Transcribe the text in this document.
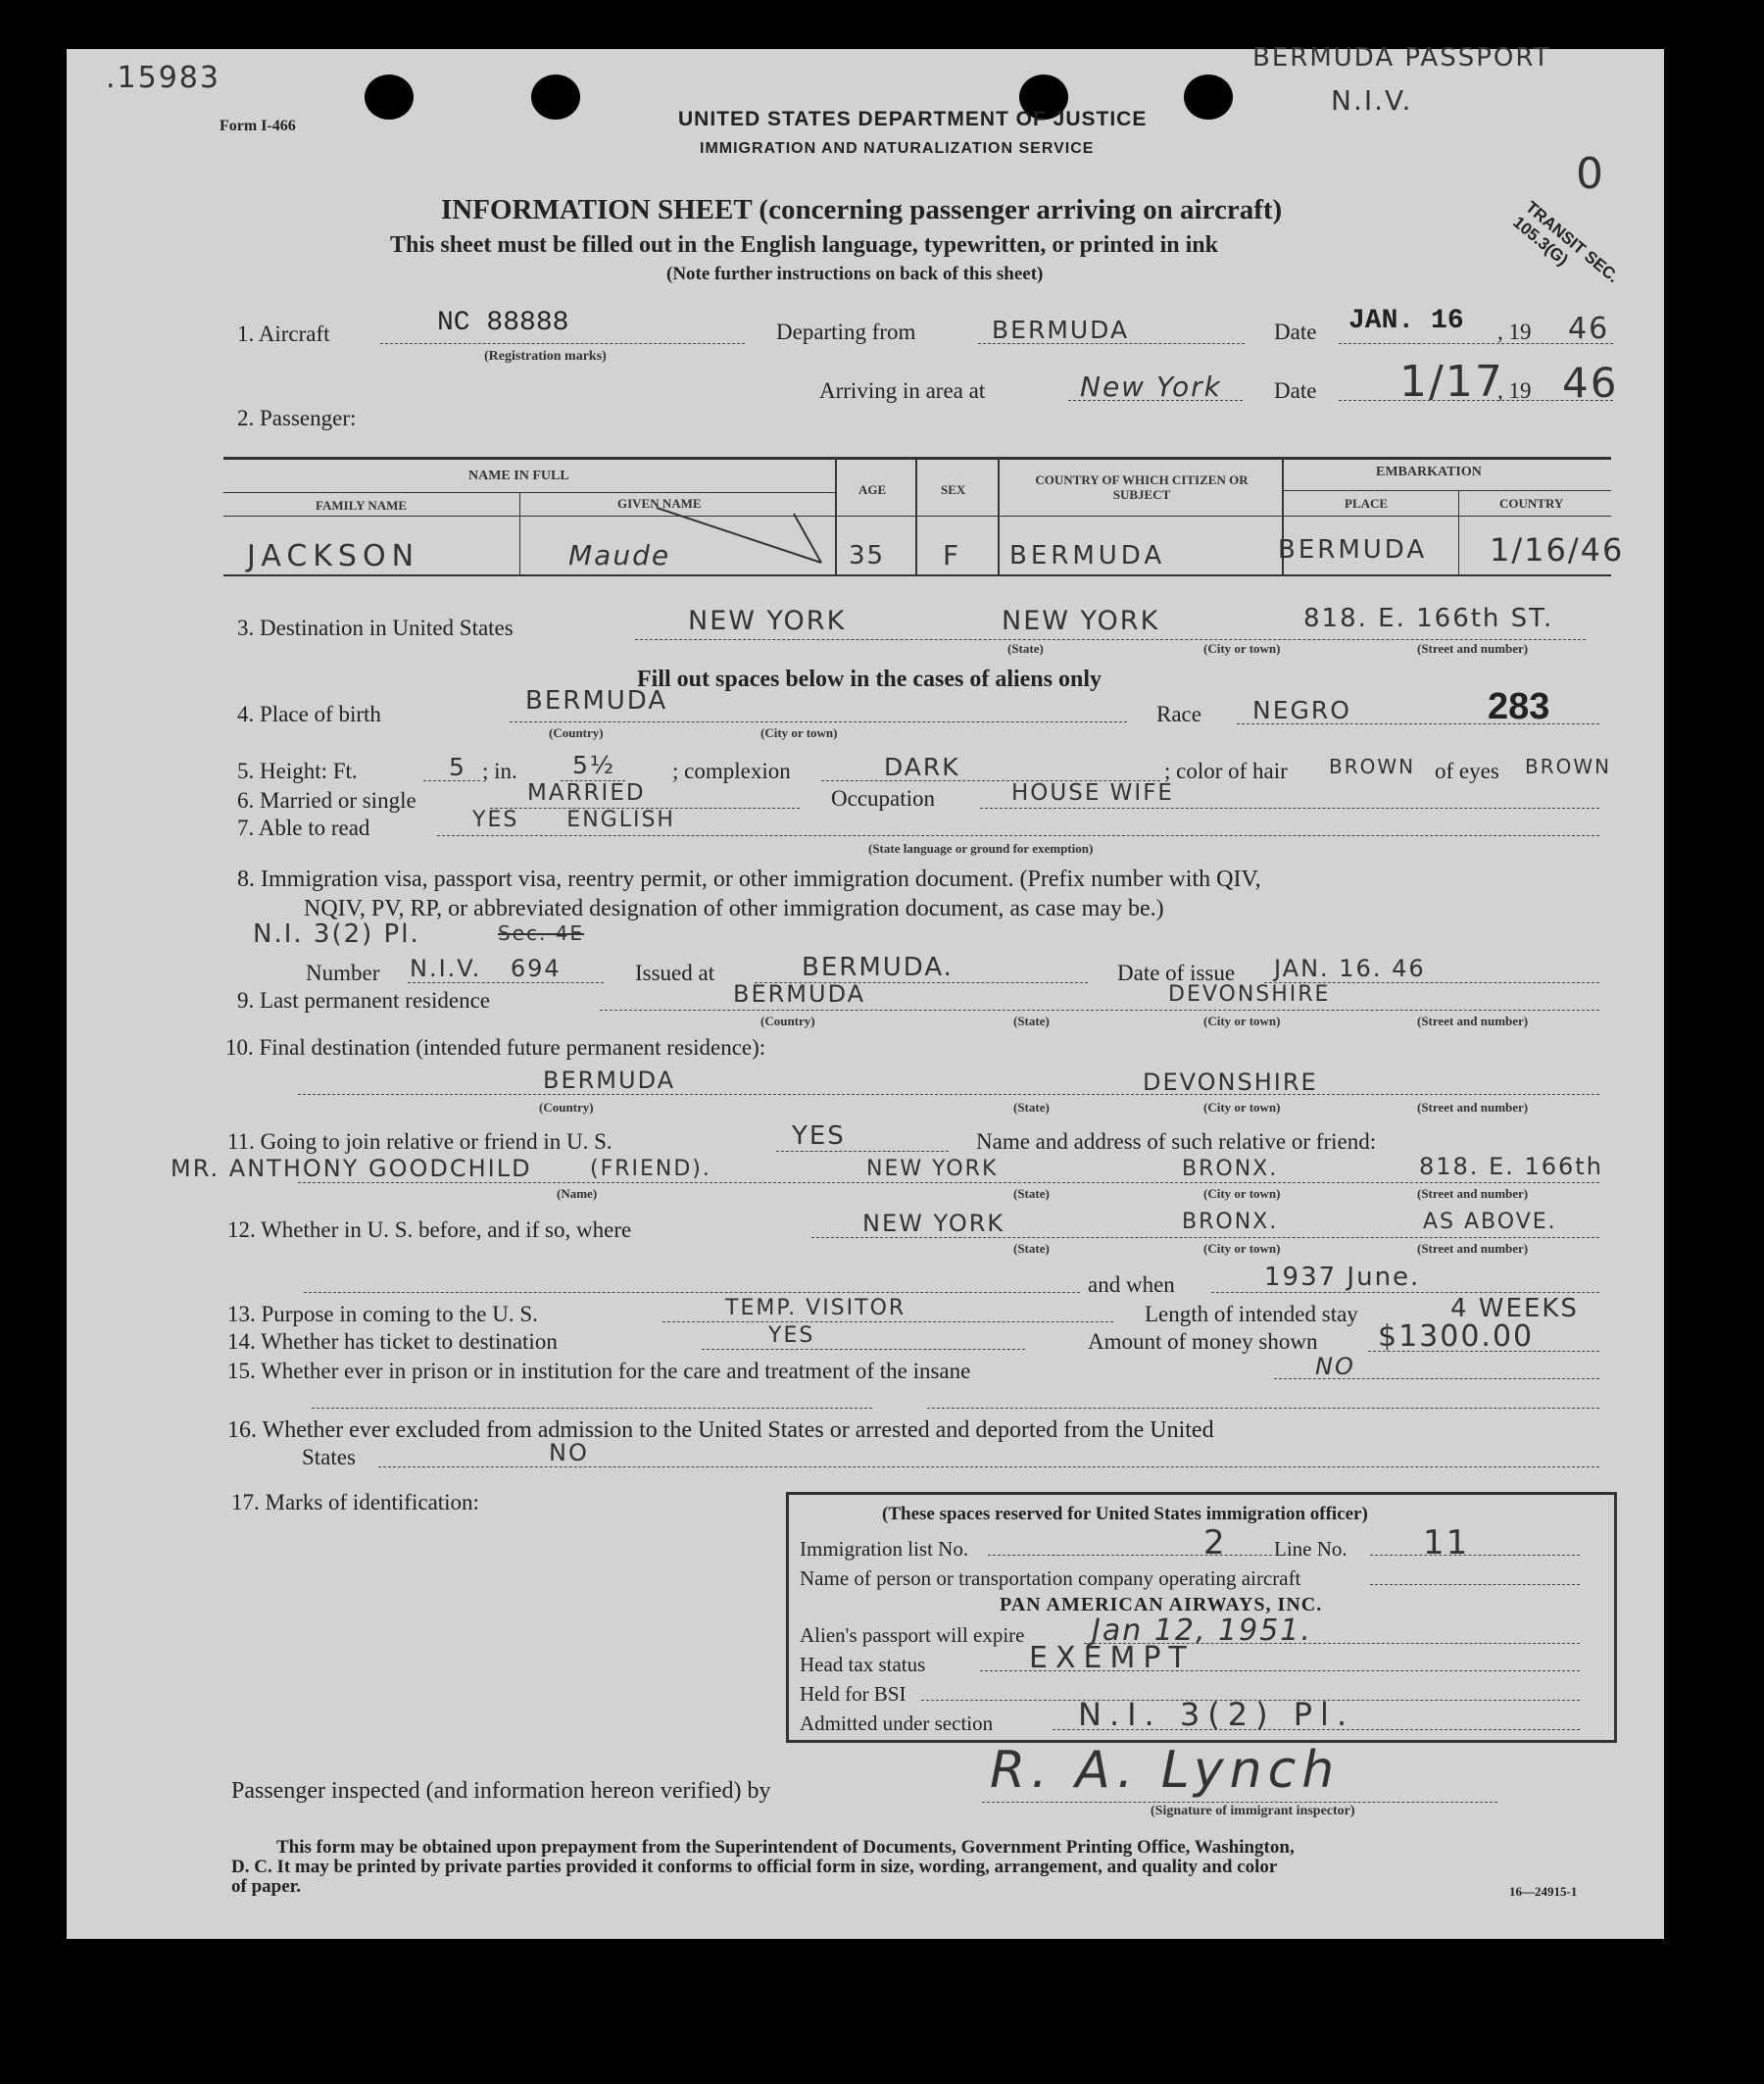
.15983
BERMUDA PASSPORT
N.I.V.
0
TRANSIT SEC. 105.3(G)
Form I-466	UNITED STATES DEPARTMENT OF JUSTICE
IMMIGRATION AND NATURALIZATION SERVICE
INFORMATION SHEET (concerning passenger arriving on aircraft)
This sheet must be filled out in the English language, typewritten, or printed in ink
(Note further instructions on back of this sheet)
1. Aircraft	NC 88888
(Registration marks)
Departing from	BERMUDA	Date JAN. 16 , 19 46
Arriving in area at	New York Date 1/17
, 19 46
2. Passenger:
NAME IN FULL
FAMILY NAME	GIVEN NAME
AGE	SEX
COUNTRY OF WHICH CITIZEN OR SUBJECT
EMBARKATION
PLACE	COUNTRY
JACKSON	Maude	35 F BERMUDA	BERMUDA 1/16/46
3. Destination in United States	NEW YORK	NEW YORK	818. E. 166th ST.
(State)	(City or town)	(Street and number)
Fill out spaces below in the cases of aliens only
4. Place of birth	BERMUDA
(Country)	(City or town)
Race NEGRO	283
5. Height: Ft.	5 ; in. 5½	; complexion	DARK	; color of hair BROWN of eyes BROWN
6. Married or single	MARRIED	Occupation	HOUSE WIFE
7. Able to read	YES ENGLISH
(State language or ground for exemption)
8. Immigration visa, passport visa, reentry permit, or other immigration document. (Prefix number with QIV,
NQIV, PV, RP, or abbreviated designation of other immigration document, as case may be.)
N.I. 3(2) Pl.	Sec. 4E
Number N.I.V. 694	Issued at	BERMUDA.	Date of issue JAN. 16. 46
9. Last permanent residence	BERMUDA	DEVONSHIRE
(Country)	(State)	(City or town)	(Street and number)
10. Final destination (intended future permanent residence):
BERMUDA	DEVONSHIRE
(Country)	(State)	(City or town)	(Street and number)
11. Going to join relative or friend in U. S.	YES	Name and address of such relative or friend:
MR. ANTHONY GOODCHILD	(FRIEND).	NEW YORK	BRONX.	818. E. 166th
(Name)	(State)	(City or town)	(Street and number)
12. Whether in U. S. before, and if so, where	NEW YORK	BRONX.	AS ABOVE.
(State)	(City or town)	(Street and number)
and when	1937 June.
13. Purpose in coming to the U. S.	TEMP. VISITOR	Length of intended stay	4 WEEKS
14. Whether has ticket to destination	YES	Amount of money shown $1300.00
15. Whether ever in prison or in institution for the care and treatment of the insane	NO
16. Whether ever excluded from admission to the United States or arrested and deported from the United
States	NO
17. Marks of identification:	(These spaces reserved for United States immigration officer)
Immigration list No.	2 Line No. 11
Name of person or transportation company operating aircraft
PAN AMERICAN AIRWAYS, INC.
Alien's passport will expire Jan 12, 1951.
Head tax status	EXEMPT
Held for BSI
Admitted under section	N.I. 3(2) Pl.
Passenger inspected (and information hereon verified) by	R. A. Lynch
(Signature of immigrant inspector)
This form may be obtained upon prepayment from the Superintendent of Documents, Government Printing Office, Washington,
D. C. It may be printed by private parties provided it conforms to official form in size, wording, arrangement, and quality and color
of paper.	16—24915-1
